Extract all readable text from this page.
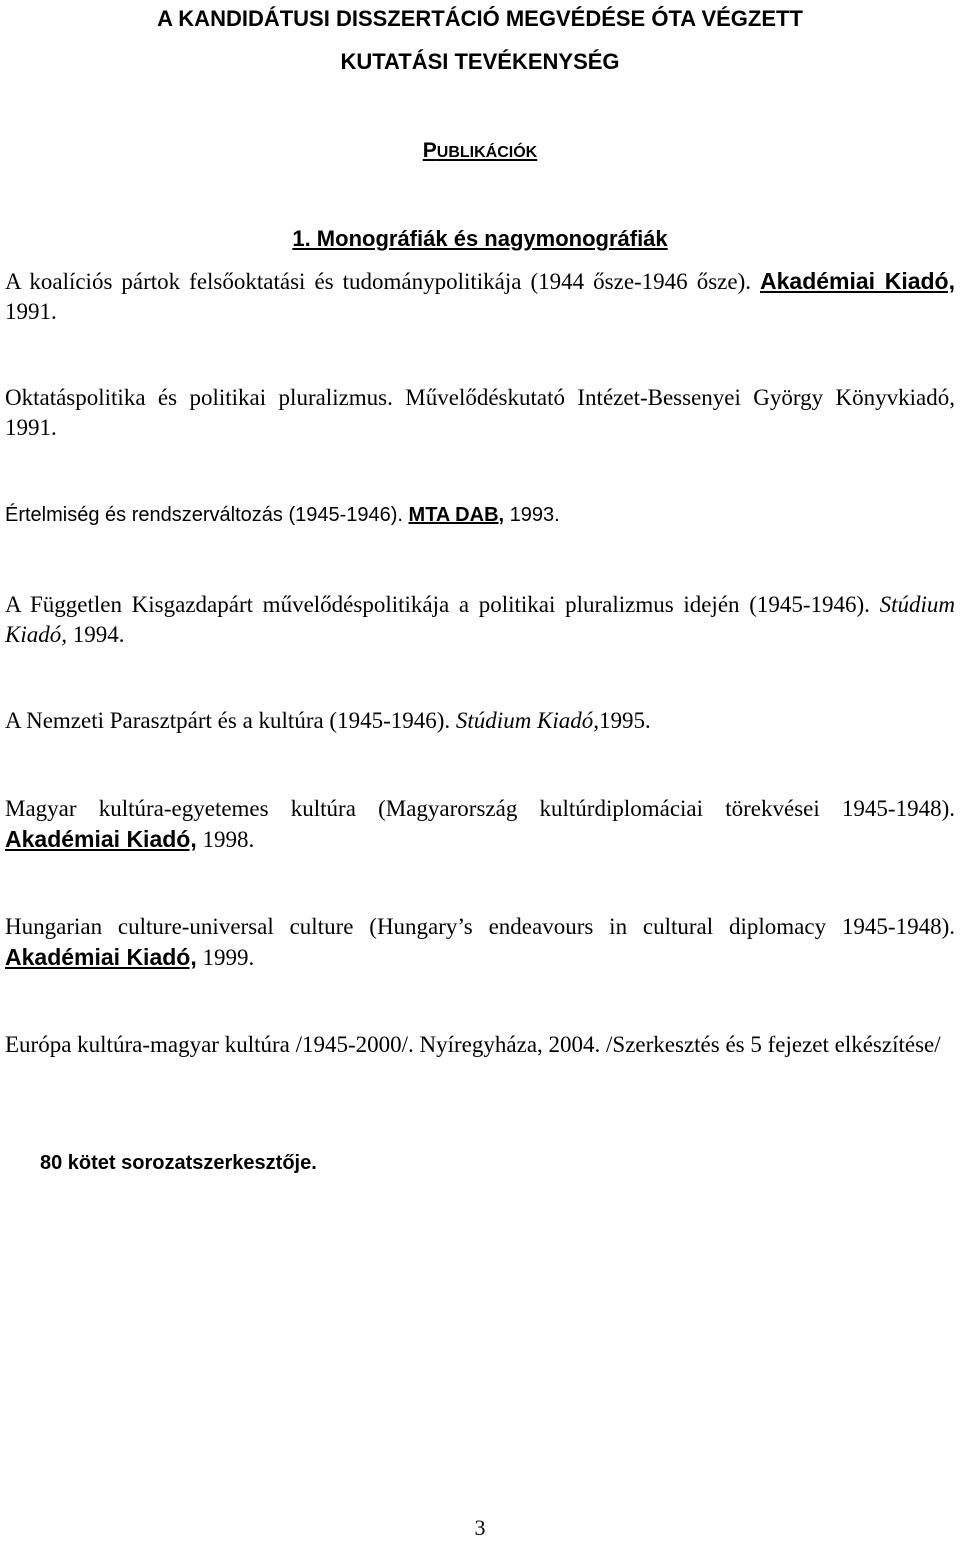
A KANDIDÁTUSI DISSZERTÁCIÓ MEGVÉDÉSE ÓTA VÉGZETT

KUTATÁSI TEVÉKENYSÉG

PUBLIKÁCIÓK

1. Monográfiák és nagymonográfiák

A koalíciós pártok felsőoktatási és tudománypolitikája (1944 ősze-1946 ősze). Akadémiai Kiadó, 1991.

Oktatáspolitika és politikai pluralizmus. Művelődéskutató Intézet-Bessenyei György Könyvkiadó, 1991.

Értelmiség és rendszerváltozás (1945-1946). MTA DAB, 1993.

A Független Kisgazdapárt művelődéspolitikája a politikai pluralizmus idején (1945-1946). Stúdium Kiadó, 1994.

A Nemzeti Parasztpárt és a kultúra (1945-1946). Stúdium Kiadó,1995.

Magyar kultúra-egyetemes kultúra (Magyarország kultúrdiplomáciai törekvései 1945-1948). Akadémiai Kiadó, 1998.

Hungarian culture-universal culture (Hungary’s endeavours in cultural diplomacy 1945-1948). Akadémiai Kiadó, 1999.

Európa kultúra-magyar kultúra /1945-2000/. Nyíregyháza, 2004. /Szerkesztés és 5 fejezet elkészítése/

80 kötet sorozatszerkesztője.

3
